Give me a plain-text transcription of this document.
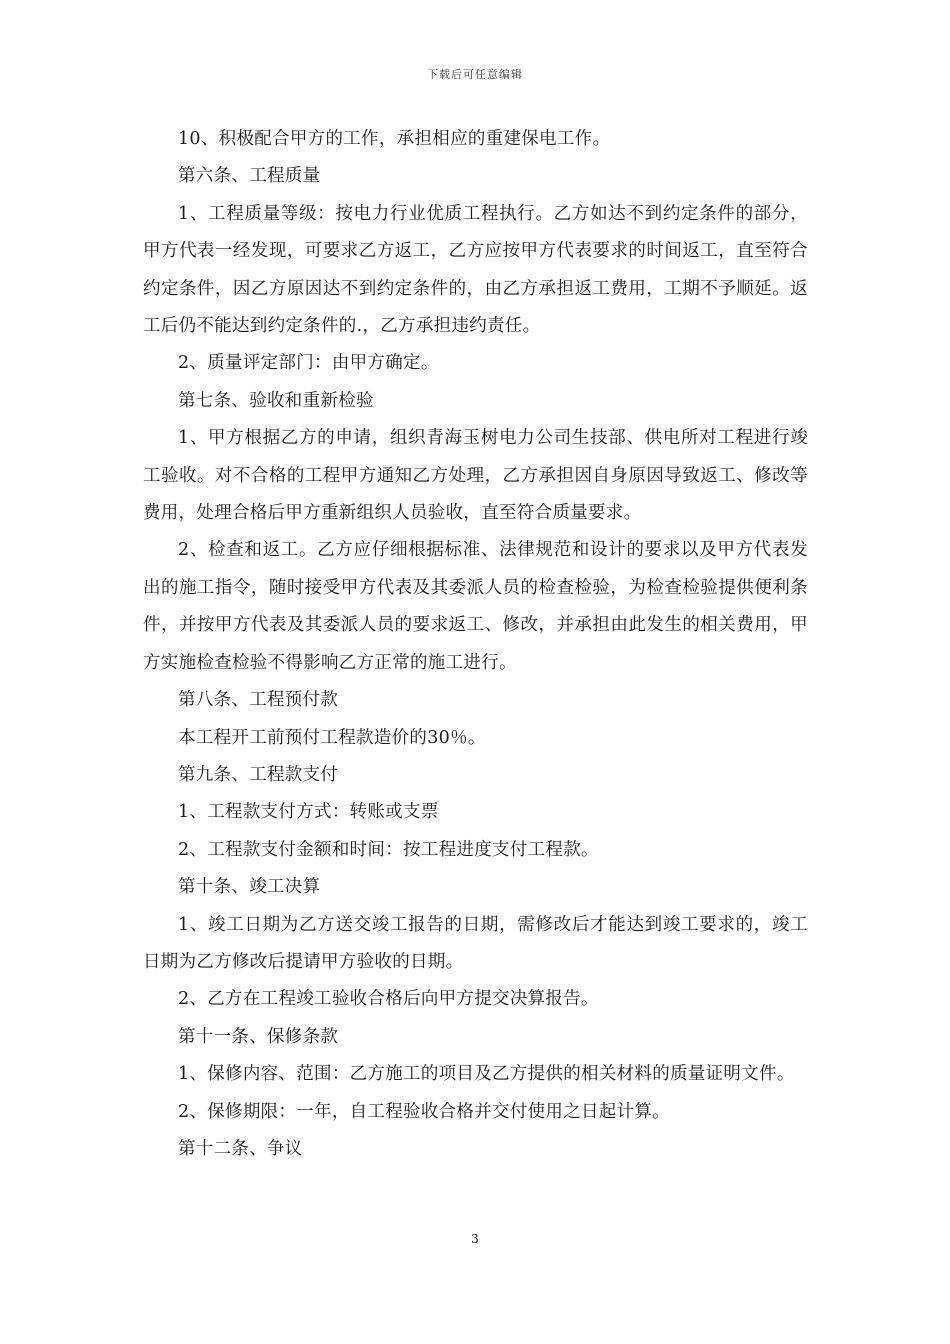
下载后可任意编辑

10、积极配合甲方的工作，承担相应的重建保电工作。

第六条、工程质量

1、工程质量等级：按电力行业优质工程执行。乙方如达不到约定条件的部分，甲方代表一经发现，可要求乙方返工，乙方应按甲方代表要求的时间返工，直至符合约定条件，因乙方原因达不到约定条件的，由乙方承担返工费用，工期不予顺延。返工后仍不能达到约定条件的.，乙方承担违约责任。

2、质量评定部门：由甲方确定。

第七条、验收和重新检验

1、甲方根据乙方的申请，组织青海玉树电力公司生技部、供电所对工程进行竣工验收。对不合格的工程甲方通知乙方处理，乙方承担因自身原因导致返工、修改等费用，处理合格后甲方重新组织人员验收，直至符合质量要求。

2、检查和返工。乙方应仔细根据标准、法律规范和设计的要求以及甲方代表发出的施工指令，随时接受甲方代表及其委派人员的检查检验，为检查检验提供便利条件，并按甲方代表及其委派人员的要求返工、修改，并承担由此发生的相关费用，甲方实施检查检验不得影响乙方正常的施工进行。

第八条、工程预付款

本工程开工前预付工程款造价的30％。

第九条、工程款支付

1、工程款支付方式：转账或支票

2、工程款支付金额和时间：按工程进度支付工程款。

第十条、竣工决算

1、竣工日期为乙方送交竣工报告的日期，需修改后才能达到竣工要求的，竣工日期为乙方修改后提请甲方验收的日期。

2、乙方在工程竣工验收合格后向甲方提交决算报告。

第十一条、保修条款

1、保修内容、范围：乙方施工的项目及乙方提供的相关材料的质量证明文件。

2、保修期限：一年，自工程验收合格并交付使用之日起计算。

第十二条、争议

3
